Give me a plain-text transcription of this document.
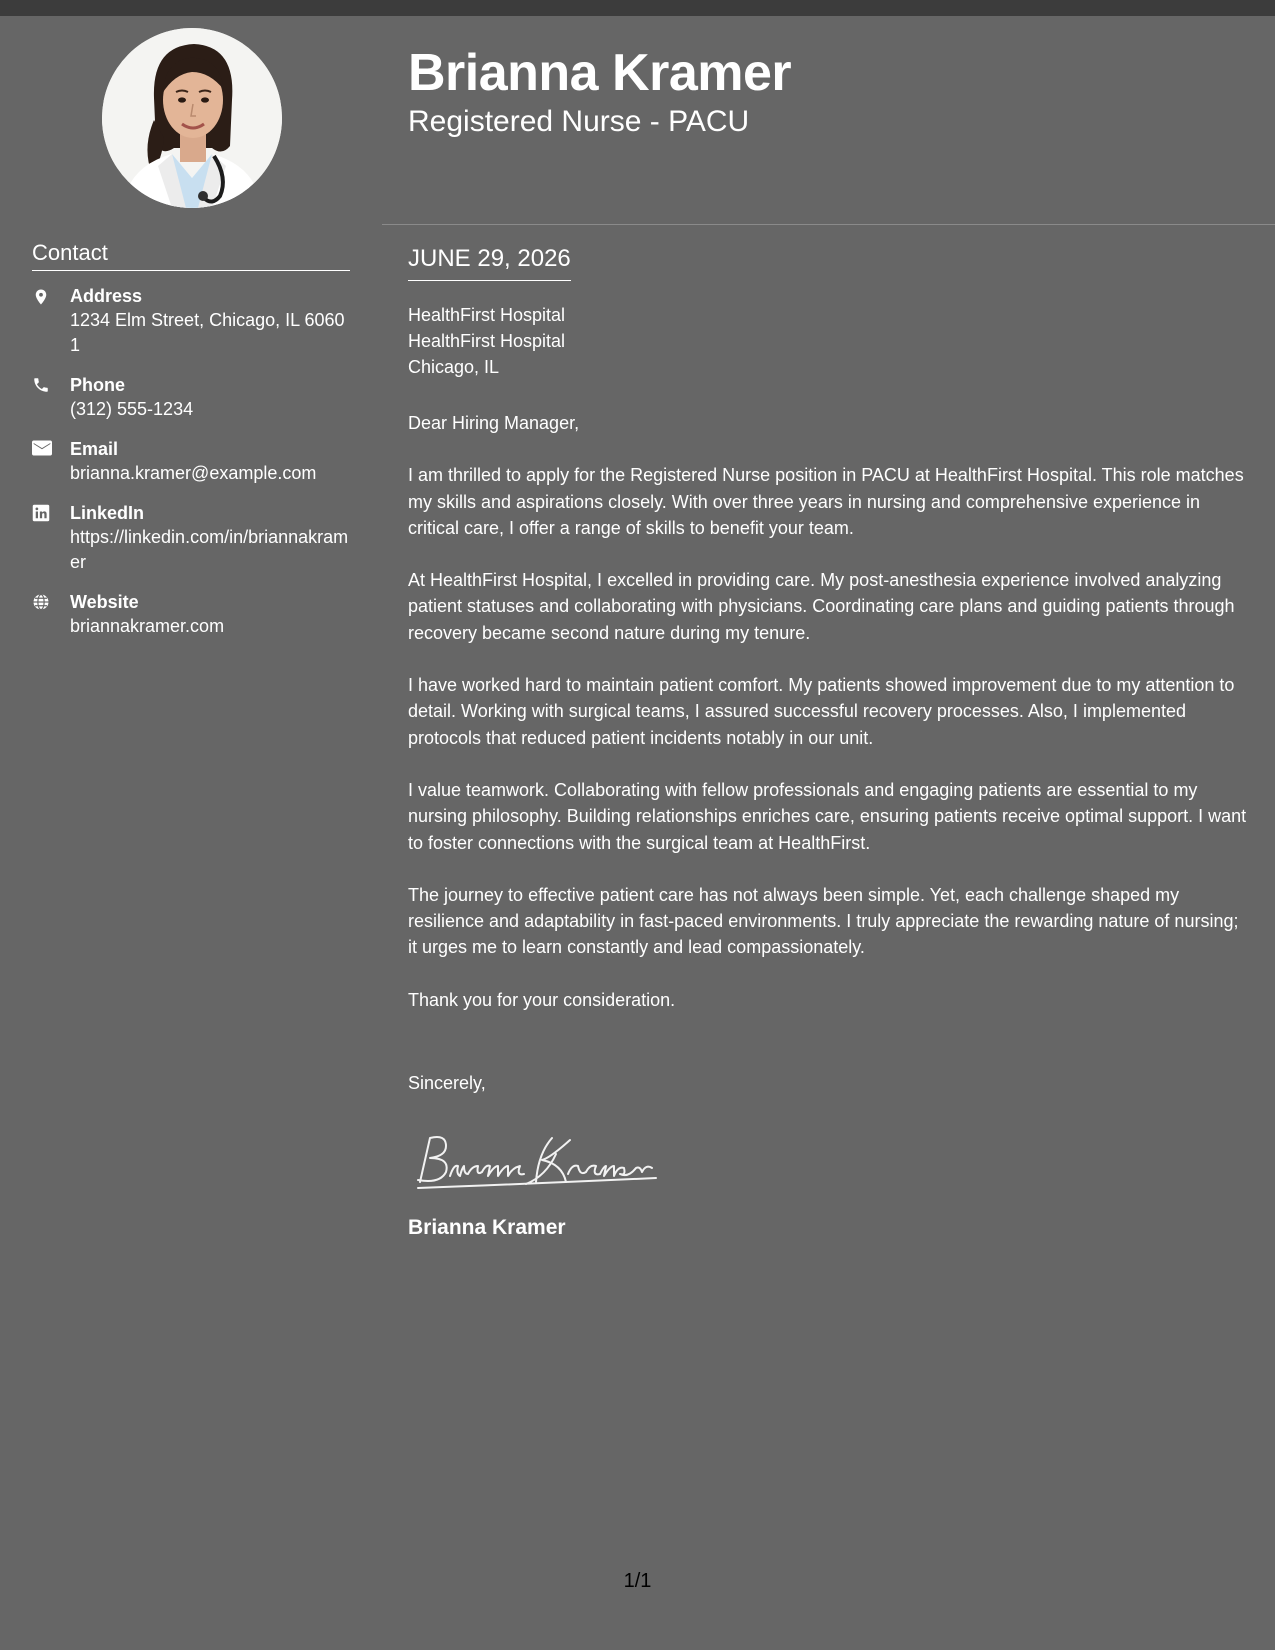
Contact
Address
1234 Elm Street, Chicago, IL 60601
Phone
(312) 555-1234
Email
brianna.kramer@example.com
LinkedIn
https://linkedin.com/in/briannakramer
Website
briannakramer.com
Brianna Kramer
Registered Nurse - PACU
JUNE 29, 2026
HealthFirst Hospital
HealthFirst Hospital
Chicago, IL

Dear Hiring Manager,

I am thrilled to apply for the Registered Nurse position in PACU at HealthFirst Hospital. This role matches my skills and aspirations closely. With over three years in nursing and comprehensive experience in critical care, I offer a range of skills to benefit your team.

At HealthFirst Hospital, I excelled in providing care. My post-anesthesia experience involved analyzing patient statuses and collaborating with physicians. Coordinating care plans and guiding patients through recovery became second nature during my tenure.

I have worked hard to maintain patient comfort. My patients showed improvement due to my attention to detail. Working with surgical teams, I assured successful recovery processes. Also, I implemented protocols that reduced patient incidents notably in our unit.

I value teamwork. Collaborating with fellow professionals and engaging patients are essential to my nursing philosophy. Building relationships enriches care, ensuring patients receive optimal support. I want to foster connections with the surgical team at HealthFirst.

The journey to effective patient care has not always been simple. Yet, each challenge shaped my resilience and adaptability in fast-paced environments. I truly appreciate the rewarding nature of nursing; it urges me to learn constantly and lead compassionately.

Thank you for your consideration.

Sincerely,
Brianna Kramer
1/1
